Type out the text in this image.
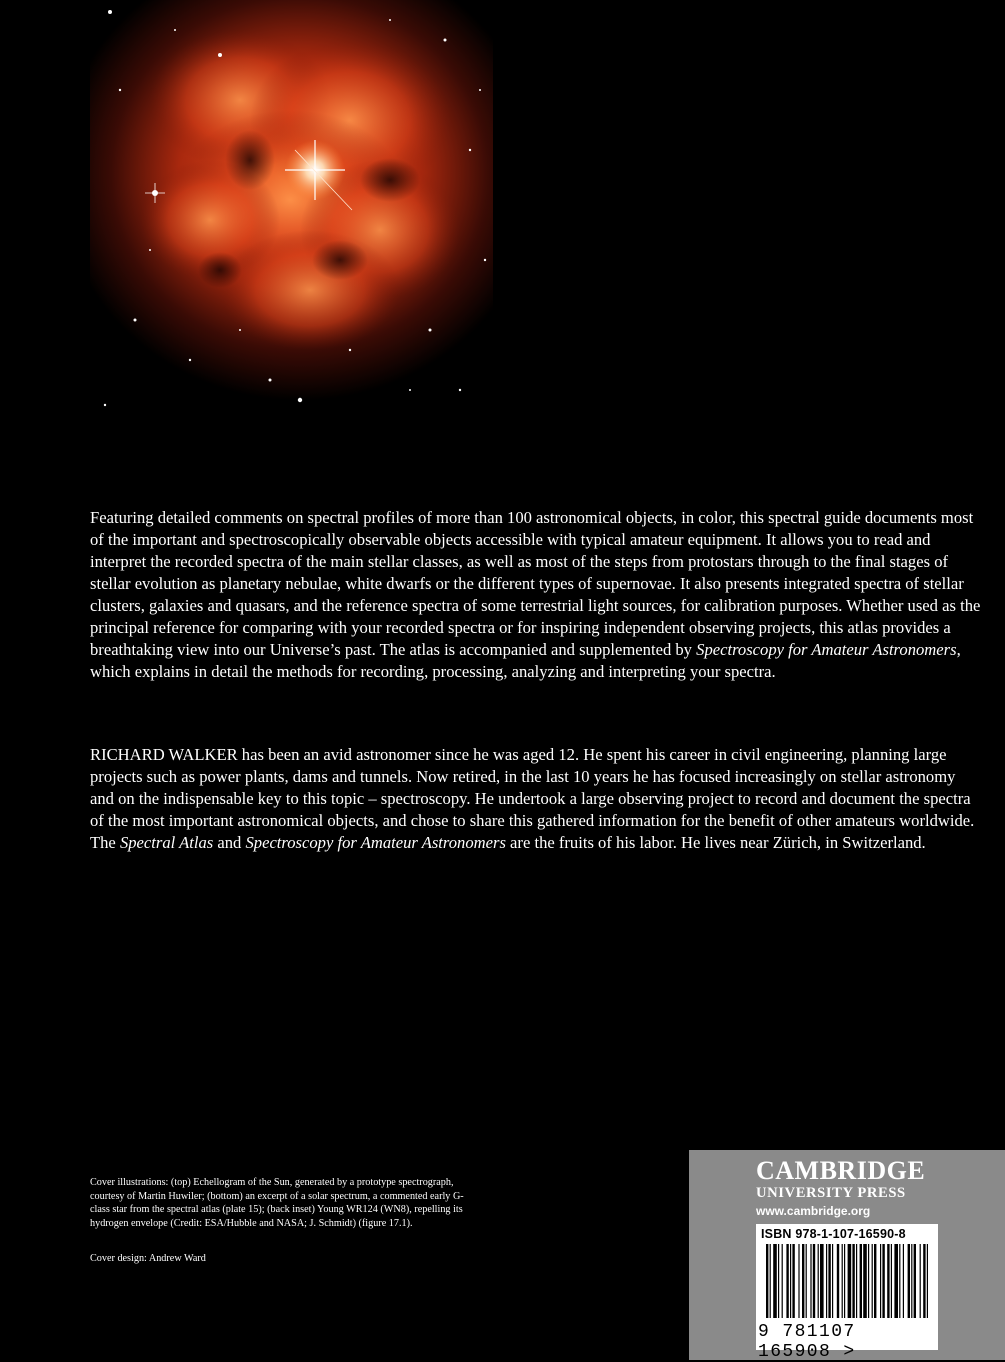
Featuring detailed comments on spectral profiles of more than 100 astronomical objects, in color, this spectral guide documents most of the important and spectroscopically observable objects accessible with typical amateur equipment. It allows you to read and interpret the recorded spectra of the main stellar classes, as well as most of the steps from protostars through to the final stages of stellar evolution as planetary nebulae, white dwarfs or the different types of supernovae. It also presents integrated spectra of stellar clusters, galaxies and quasars, and the reference spectra of some terrestrial light sources, for calibration purposes. Whether used as the principal reference for comparing with your recorded spectra or for inspiring independent observing projects, this atlas provides a breathtaking view into our Universe’s past. The atlas is accompanied and supplemented by Spectroscopy for Amateur Astronomers, which explains in detail the methods for recording, processing, analyzing and interpreting your spectra.

RICHARD WALKER has been an avid astronomer since he was aged 12. He spent his career in civil engineering, planning large projects such as power plants, dams and tunnels. Now retired, in the last 10 years he has focused increasingly on stellar astronomy and on the indispensable key to this topic – spectroscopy. He undertook a large observing project to record and document the spectra of the most important astronomical objects, and chose to share this gathered information for the benefit of other amateurs worldwide. The Spectral Atlas and Spectroscopy for Amateur Astronomers are the fruits of his labor. He lives near Zürich, in Switzerland.

Cover illustrations: (top) Echellogram of the Sun, generated by a prototype spectrograph, courtesy of Martin Huwiler; (bottom) an excerpt of a solar spectrum, a commented early G-class star from the spectral atlas (plate 15); (back inset) Young WR124 (WN8), repelling its hydrogen envelope (Credit: ESA/Hubble and NASA; J. Schmidt) (figure 17.1).
Cover design: Andrew Ward
CAMBRIDGE
UNIVERSITY PRESS
www.cambridge.org
ISBN 978-1-107-16590-8
9 781107 165908 >
